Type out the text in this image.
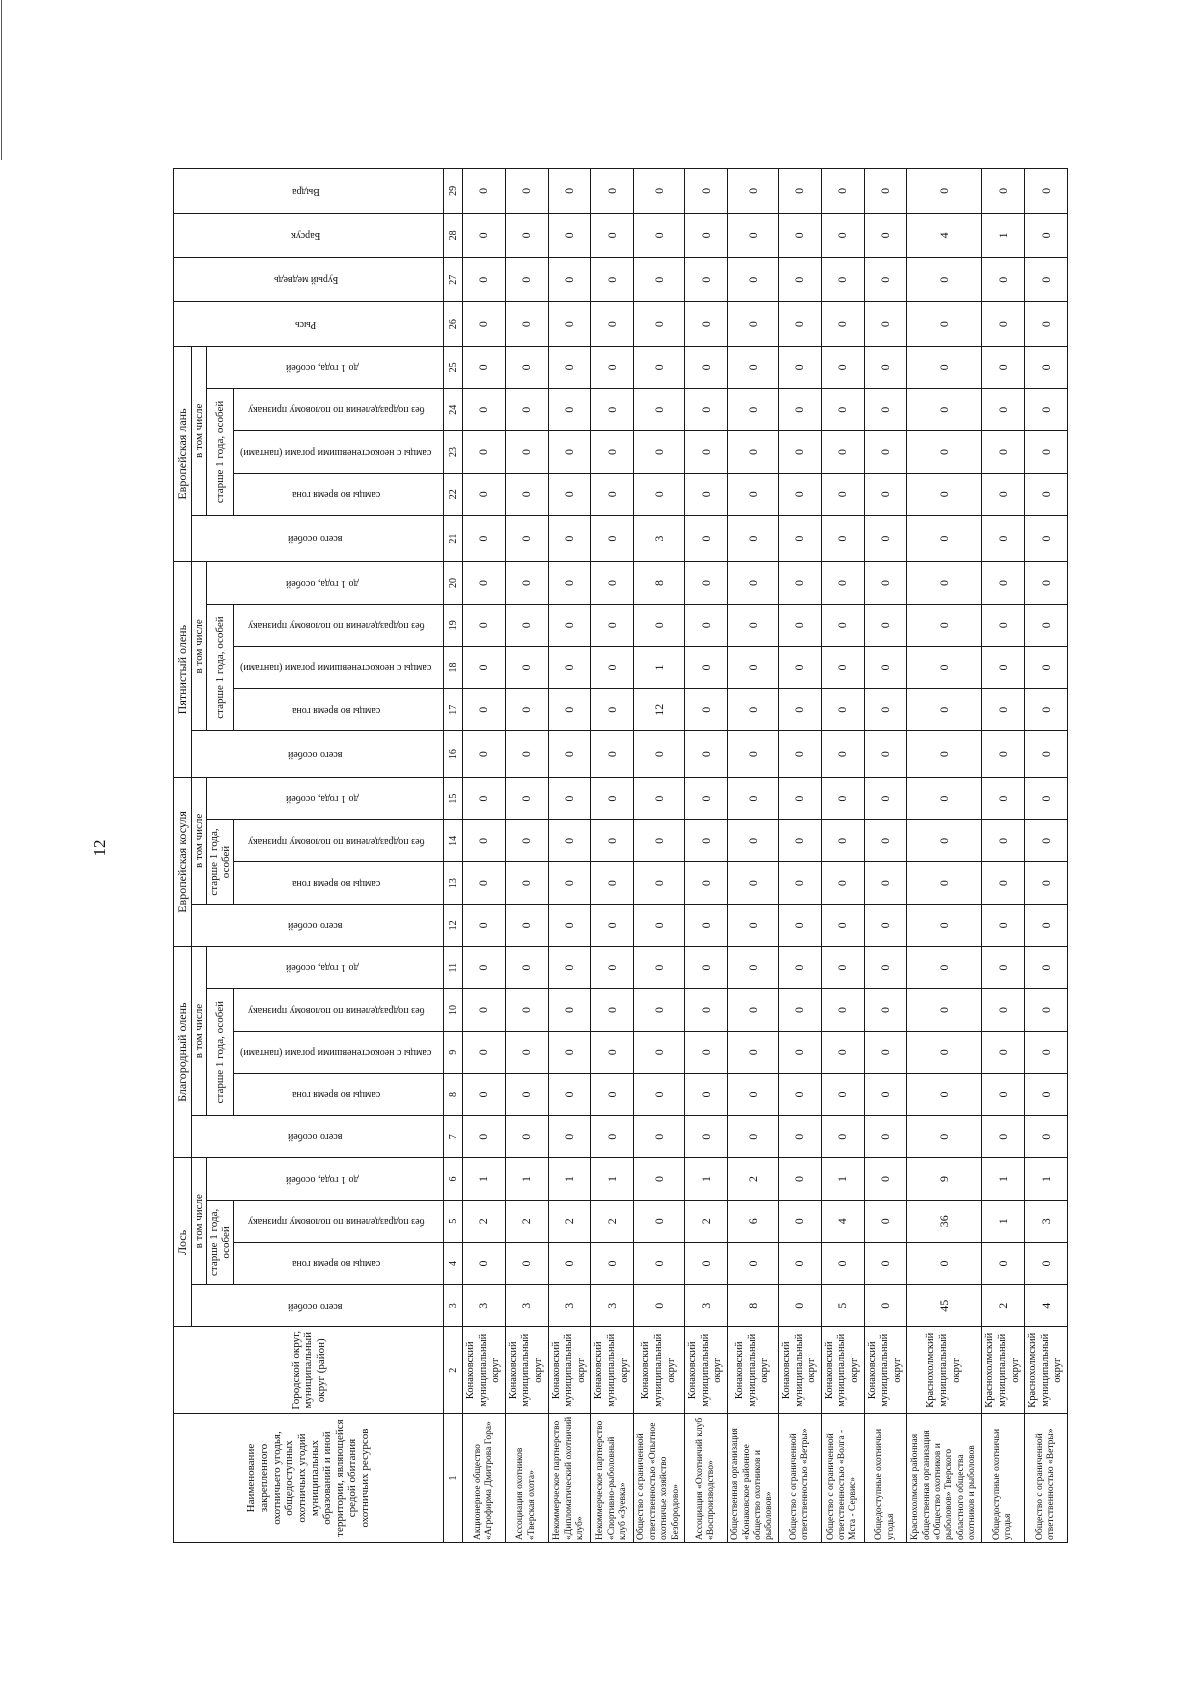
12
Наименование закрепленного охотничьего угодья, общедоступных охотничьих угодий муниципальных образований и иной территории, являющейся средой обитания охотничьих ресурсов	Городской округ, муниципальный округ (район)	Лось				Благородный олень					Европейская косуля				Пятнистый олень					Европейская лань					Рысь	Бурый медведь	Барсук	Выдра
		всего особей	в том числе			всего особей	в том числе				всего особей	в том числе			всего особей	в том числе				всего особей	в том числе							
			старше 1 года, особей		до 1 года, особей		старше 1 года, особей			до 1 года, особей		старше 1 года, особей		до 1 года, особей		старше 1 года, особей			до 1 года, особей		старше 1 года, особей			до 1 года, особей				
			самцы во время гона	без подразделения по половому признаку			самцы во время гона	самцы с неокостеневшими рогами (пантами)	без подразделения по половому признаку			самцы во время гона	без подразделения по половому признаку			самцы во время гона	самцы с неокостеневшими рогами (пантами)	без подразделения по половому признаку			самцы во время гона	самцы с неокостеневшими рогами (пантами)	без подразделения по половому признаку					
1	2	3	4	5	6	7	8	9	10	11	12	13	14	15	16	17	18	19	20	21	22	23	24	25	26	27	28	29
Акционерное общество «Агрофирма Дмитрова Гора»	Конаковский муниципальный округ	3	0	2	1	0	0	0	0	0	0	0	0	0	0	0	0	0	0	0	0	0	0	0	0	0	0	0
Ассоциация охотников «Тверская охота»	Конаковский муниципальный округ	3	0	2	1	0	0	0	0	0	0	0	0	0	0	0	0	0	0	0	0	0	0	0	0	0	0	0
Некоммерческое партнерство «Дипломатический охотничий клуб»	Конаковский муниципальный округ	3	0	2	1	0	0	0	0	0	0	0	0	0	0	0	0	0	0	0	0	0	0	0	0	0	0	0
Некоммерческое партнерство «Спортивно-рыболовный клуб «Зуевка»	Конаковский муниципальный округ	3	0	2	1	0	0	0	0	0	0	0	0	0	0	0	0	0	0	0	0	0	0	0	0	0	0	0
Общество с ограниченной ответственностью «Опытное охотничье хозяйство Безбородово»	Конаковский муниципальный округ	0	0	0	0	0	0	0	0	0	0	0	0	0	0	12	1	0	8	3	0	0	0	0	0	0	0	0
Ассоциация «Охотничий клуб «Воспроизводство»	Конаковский муниципальный округ	3	0	2	1	0	0	0	0	0	0	0	0	0	0	0	0	0	0	0	0	0	0	0	0	0	0	0
Общественная организация «Конаковское районное общество охотников и рыболовов»	Конаковский муниципальный округ	8	0	6	2	0	0	0	0	0	0	0	0	0	0	0	0	0	0	0	0	0	0	0	0	0	0	0
Общество с ограниченной ответственностью «Ветры»	Конаковский муниципальный округ	0	0	0	0	0	0	0	0	0	0	0	0	0	0	0	0	0	0	0	0	0	0	0	0	0	0	0
Общество с ограниченной ответственностью «Волга - Мста - Сервис»	Конаковский муниципальный округ	5	0	4	1	0	0	0	0	0	0	0	0	0	0	0	0	0	0	0	0	0	0	0	0	0	0	0
Общедоступные охотничьи угодья	Конаковский муниципальный округ	0	0	0	0	0	0	0	0	0	0	0	0	0	0	0	0	0	0	0	0	0	0	0	0	0	0	0
Краснохолмская районная общественная организация «Общество охотников и рыболовов» Тверского областного общества охотников и рыболовов	Краснохолмский муниципальный округ	45	0	36	9	0	0	0	0	0	0	0	0	0	0	0	0	0	0	0	0	0	0	0	0	0	4	0
Общедоступные охотничьи угодья	Краснохолмский муниципальный округ	2	0	1	1	0	0	0	0	0	0	0	0	0	0	0	0	0	0	0	0	0	0	0	0	0	1	0
Общество с ограниченной ответственностью «Ветры»	Краснохолмский муниципальный округ	4	0	3	1	0	0	0	0	0	0	0	0	0	0	0	0	0	0	0	0	0	0	0	0	0	0	0
